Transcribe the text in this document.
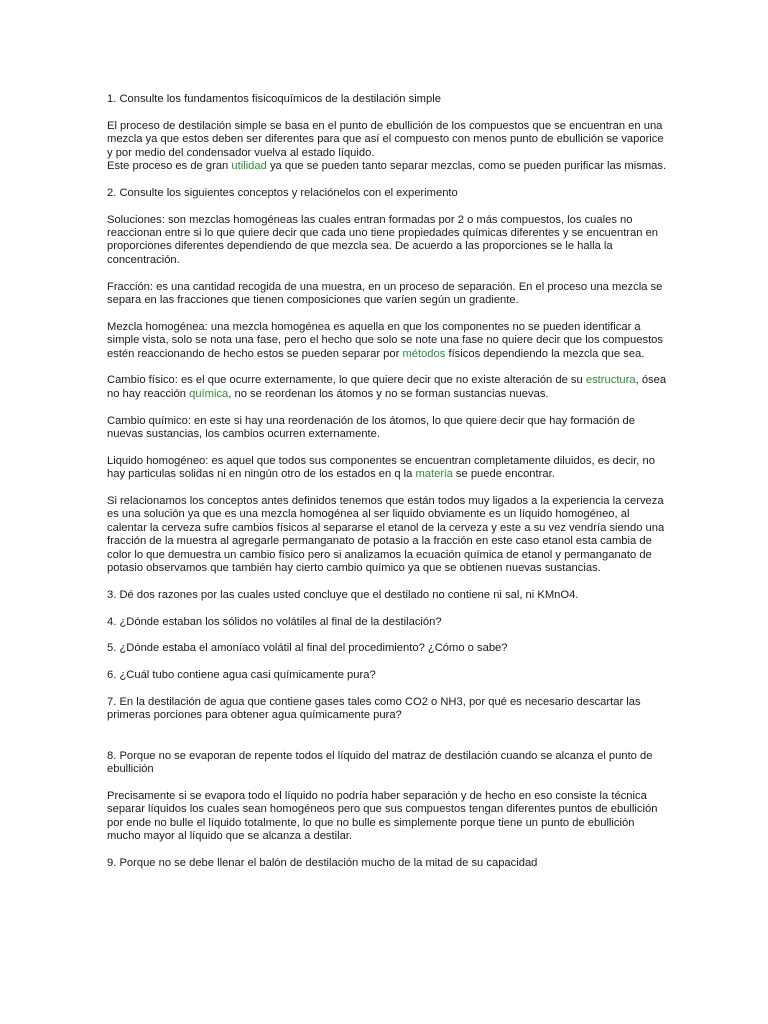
1. Consulte los fundamentos fisicoquímicos de la destilación simple

El proceso de destilación simple se basa en el punto de ebullición de los compuestos que se encuentran en una mezcla ya que estos deben ser diferentes para que así el compuesto con menos punto de ebullición se vaporice y por medio del condensador vuelva al estado líquido.
Este proceso es de gran utilidad ya que se pueden tanto separar mezclas, como se pueden purificar las mismas.

2. Consulte los siguientes conceptos y relaciónelos con el experimento

Soluciones: son mezclas homogéneas las cuales entran formadas por 2 o más compuestos, los cuales no reaccionan entre si lo que quiere decir que cada uno tiene propiedades químicas diferentes y se encuentran en proporciones diferentes dependiendo de que mezcla sea. De acuerdo a las proporciones se le halla la concentración.

Fracción: es una cantidad recogida de una muestra, en un proceso de separación. En el proceso una mezcla se separa en las fracciones que tienen composiciones que varíen según un gradiente.

Mezcla homogénea: una mezcla homogénea es aquella en que los componentes no se pueden identificar a simple vista, solo se nota una fase, pero el hecho que solo se note una fase no quiere decir que los compuestos estén reaccionando de hecho estos se pueden separar por métodos físicos dependiendo la mezcla que sea.

Cambio físico: es el que ocurre externamente, lo que quiere decir que no existe alteración de su estructura, ósea no hay reacción química, no se reordenan los átomos y no se forman sustancias nuevas.

Cambio químico: en este si hay una reordenación de los átomos, lo que quiere decir que hay formación de nuevas sustancias, los cambios ocurren externamente.

Liquido homogéneo: es aquel que todos sus componentes se encuentran completamente diluidos, es decir, no hay particulas solidas ni en ningún otro de los estados en q la materia se puede encontrar.

Si relacionamos los conceptos antes definidos tenemos que están todos muy ligados a la experiencia la cerveza es una solución ya que es una mezcla homogénea al ser liquido obviamente es un líquido homogéneo, al calentar la cerveza sufre cambios físicos al separarse el etanol de la cerveza y este a su vez vendría siendo una fracción de la muestra al agregarle permanganato de potasio a la fracción en este caso etanol esta cambia de color lo que demuestra un cambio físico pero si analizamos la ecuación química de etanol y permanganato de potasio observamos que también hay cierto cambio químico ya que se obtienen nuevas sustancias.

3. Dé dos razones por las cuales usted concluye que el destilado no contiene ni sal, ni KMnO4.

4. ¿Dónde estaban los sólidos no volátiles al final de la destilación?

5. ¿Dónde estaba el amoníaco volátil al final del procedimiento? ¿Cómo o sabe?

6. ¿Cuál tubo contiene agua casi químicamente pura?

7. En la destilación de agua que contiene gases tales como CO2 o NH3, por qué es necesario descartar las primeras porciones para obtener agua químicamente pura?

8. Porque no se evaporan de repente todos el líquido del matraz de destilación cuando se alcanza el punto de ebullición

Precisamente si se evapora todo el líquido no podría haber separación y de hecho en eso consiste la técnica separar líquidos los cuales sean homogéneos pero que sus compuestos tengan diferentes puntos de ebullición por ende no bulle el líquido totalmente, lo que no bulle es simplemente porque tiene un punto de ebullición mucho mayor al líquido que se alcanza a destilar.

9. Porque no se debe llenar el balón de destilación mucho de la mitad de su capacidad
